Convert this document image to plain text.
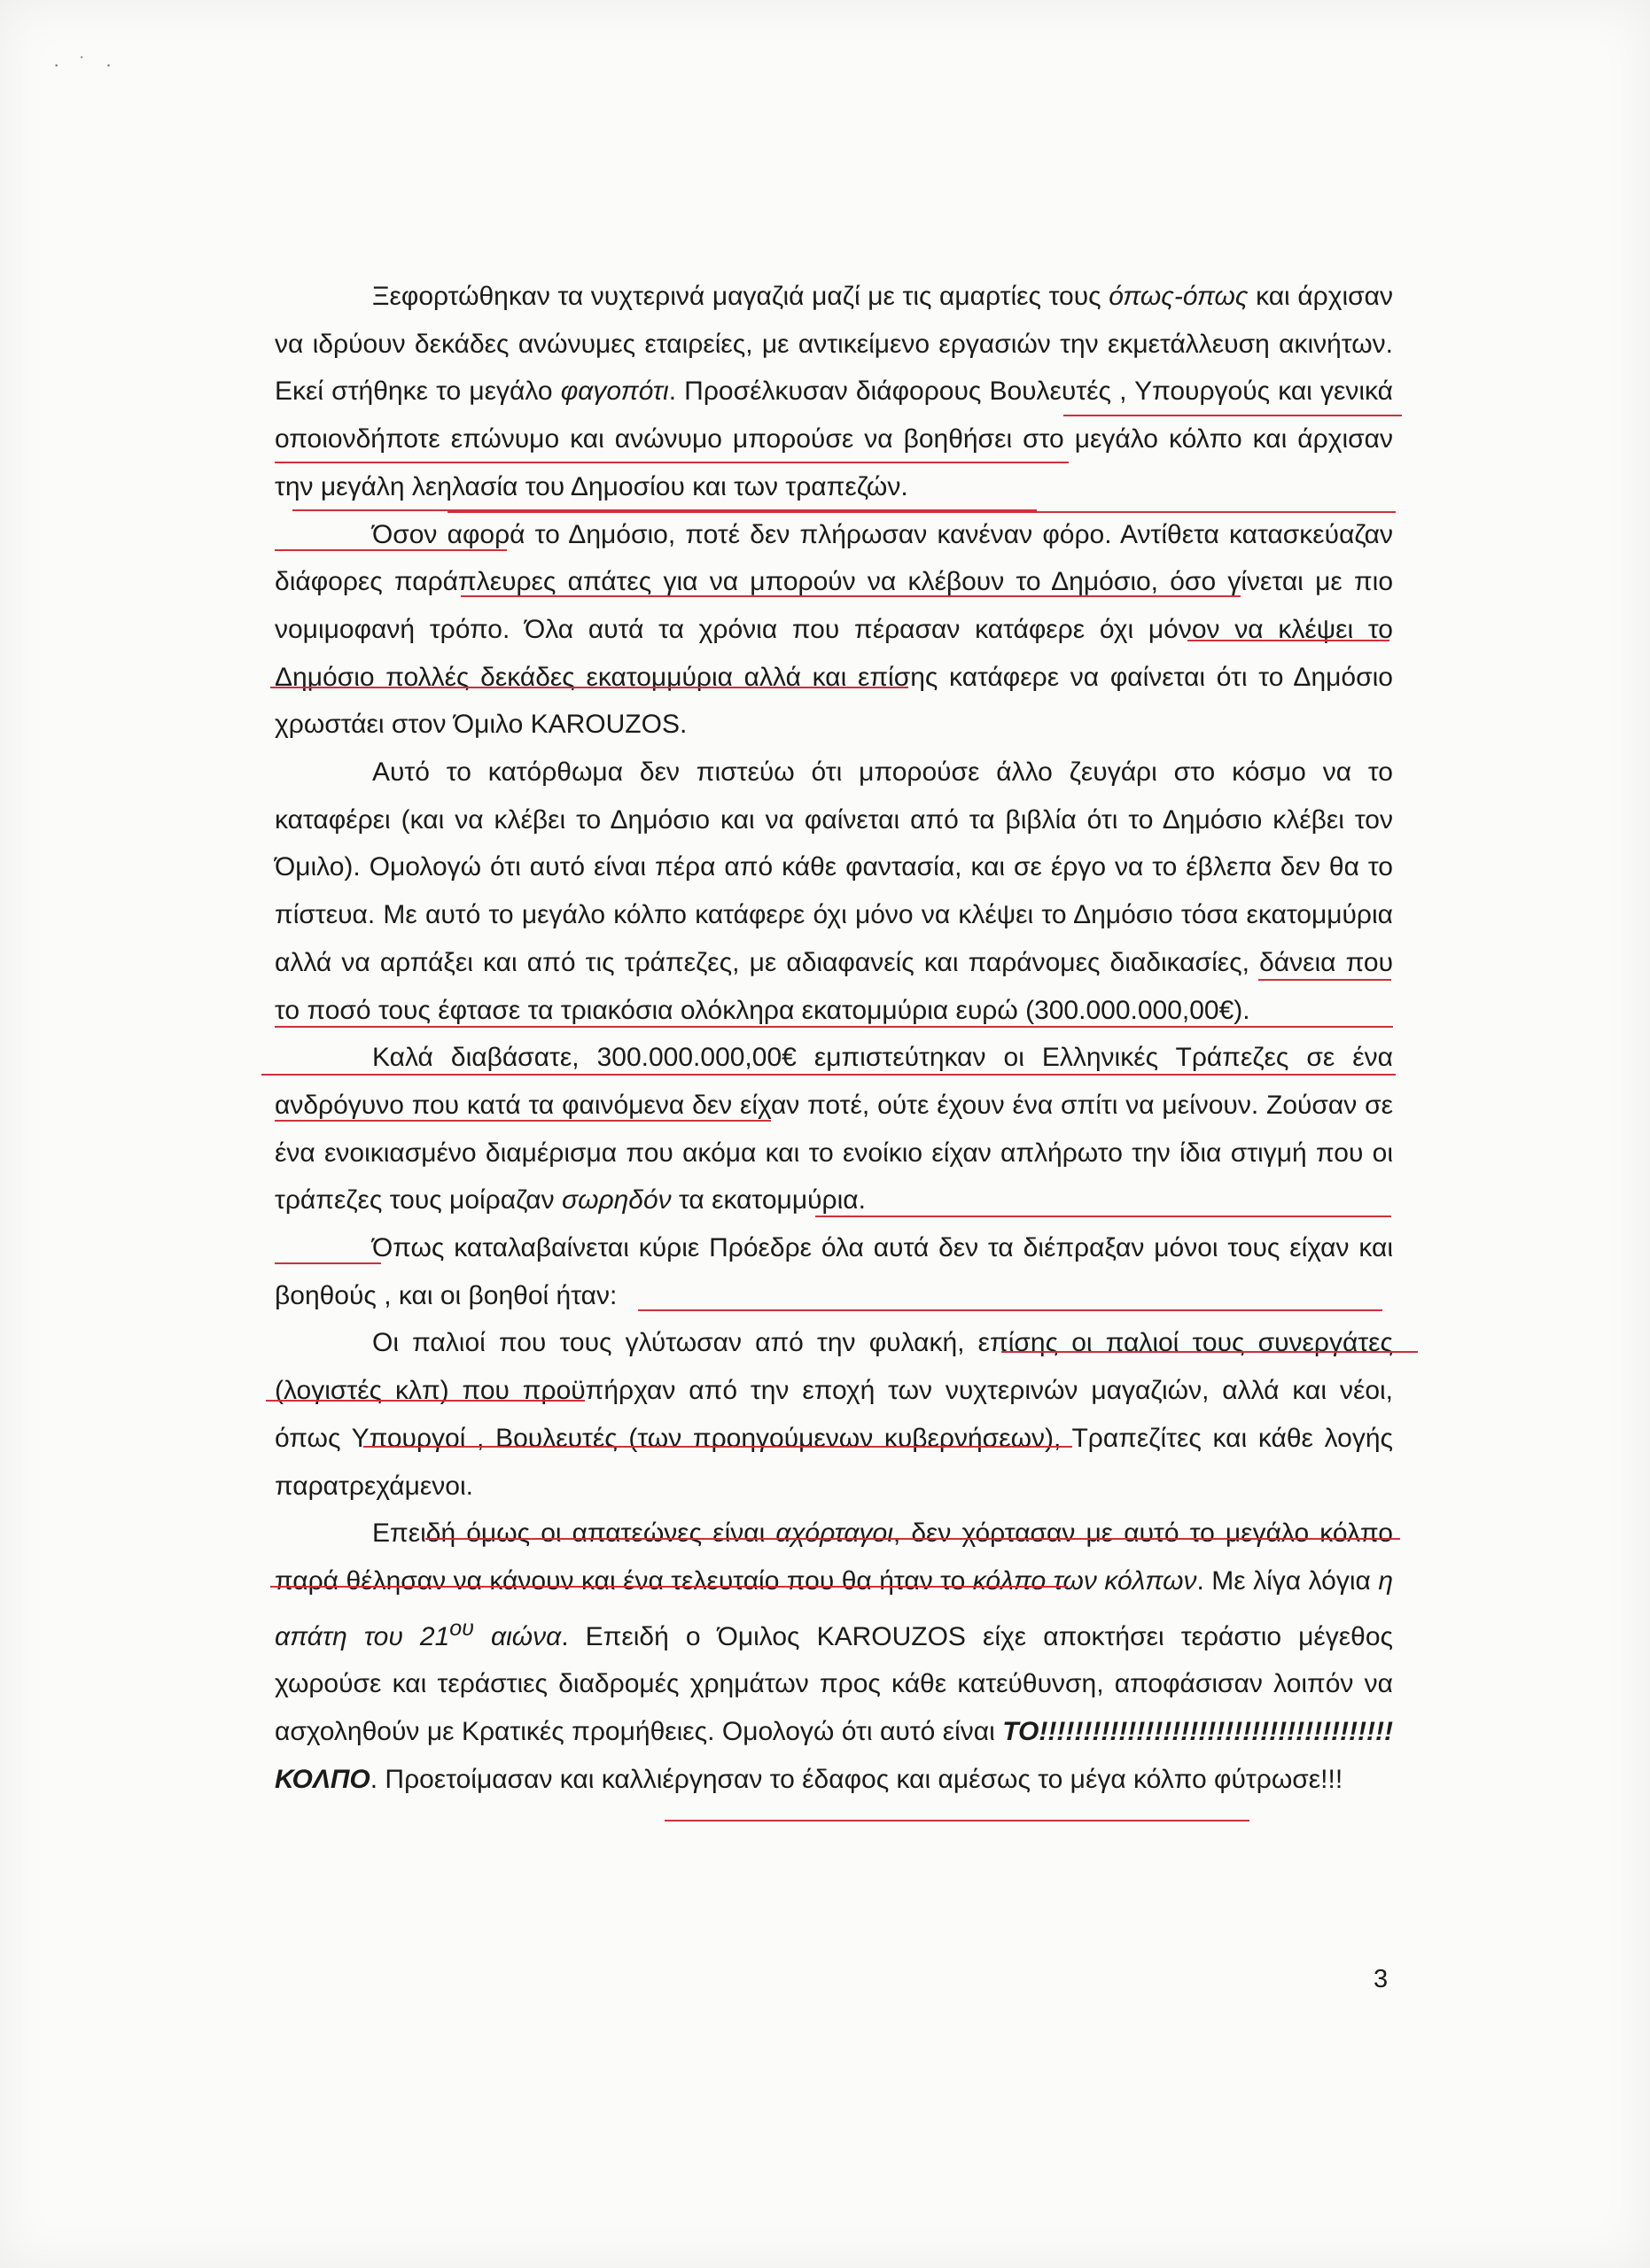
· ˙ ·

Ξεφορτώθηκαν τα νυχτερινά μαγαζιά μαζί με τις αμαρτίες τους όπως-όπως και άρχισαν να ιδρύουν δεκάδες ανώνυμες εταιρείες, με αντικείμενο εργασιών την εκμετάλλευση ακινήτων. Εκεί στήθηκε το μεγάλο φαγοπότι. Προσέλκυσαν διάφορους Βουλευτές , Υπουργούς και γενικά οποιονδήποτε επώνυμο και ανώνυμο μπορούσε να βοηθήσει στο μεγάλο κόλπο και άρχισαν την μεγάλη λεηλασία του Δημοσίου και των τραπεζών.

Όσον αφορά το Δημόσιο, ποτέ δεν πλήρωσαν κανέναν φόρο. Αντίθετα κατασκεύαζαν διάφορες παράπλευρες απάτες για να μπορούν να κλέβουν το Δημόσιο, όσο γίνεται με πιο νομιμοφανή τρόπο. Όλα αυτά τα χρόνια που πέρασαν κατάφερε όχι μόνον να κλέψει το Δημόσιο πολλές δεκάδες εκατομμύρια αλλά και επίσης κατάφερε να φαίνεται ότι το Δημόσιο χρωστάει στον Όμιλο KAROUZOS.

Αυτό το κατόρθωμα δεν πιστεύω ότι μπορούσε άλλο ζευγάρι στο κόσμο να το καταφέρει (και να κλέβει το Δημόσιο και να φαίνεται από τα βιβλία ότι το Δημόσιο κλέβει τον Όμιλο). Ομολογώ ότι αυτό είναι πέρα από κάθε φαντασία, και σε έργο να το έβλεπα δεν θα το πίστευα. Με αυτό το μεγάλο κόλπο κατάφερε όχι μόνο να κλέψει το Δημόσιο τόσα εκατομμύρια αλλά να αρπάξει και από τις τράπεζες, με αδιαφανείς και παράνομες διαδικασίες, δάνεια που το ποσό τους έφτασε τα τριακόσια ολόκληρα εκατομμύρια ευρώ (300.000.000,00€).

Καλά διαβάσατε, 300.000.000,00€ εμπιστεύτηκαν οι Ελληνικές Τράπεζες σε ένα ανδρόγυνο που κατά τα φαινόμενα δεν είχαν ποτέ, ούτε έχουν ένα σπίτι να μείνουν. Ζούσαν σε ένα ενοικιασμένο διαμέρισμα που ακόμα και το ενοίκιο είχαν απλήρωτο την ίδια στιγμή που οι τράπεζες τους μοίραζαν σωρηδόν τα εκατομμύρια.

Όπως καταλαβαίνεται κύριε Πρόεδρε όλα αυτά δεν τα διέπραξαν μόνοι τους είχαν και βοηθούς , και οι βοηθοί ήταν:

Οι παλιοί που τους γλύτωσαν από την φυλακή, επίσης οι παλιοί τους συνεργάτες (λογιστές κλπ) που προϋπήρχαν από την εποχή των νυχτερινών μαγαζιών, αλλά και νέοι, όπως Υπουργοί , Βουλευτές (των προηγούμενων κυβερνήσεων), Τραπεζίτες και κάθε λογής παρατρεχάμενοι.

Επειδή όμως οι απατεώνες είναι αχόρταγοι, δεν χόρτασαν με αυτό το μεγάλο κόλπο παρά θέλησαν να κάνουν και ένα τελευταίο που θα ήταν το κόλπο των κόλπων. Με λίγα λόγια η απάτη του $21^{o\upsilon}$ αιώνα. Επειδή ο Όμιλος KAROUZOS είχε αποκτήσει τεράστιο μέγεθος χωρούσε και τεράστιες διαδρομές χρημάτων προς κάθε κατεύθυνση, αποφάσισαν λοιπόν να ασχοληθούν με Κρατικές προμήθειες. Ομολογώ ότι αυτό είναι ΤΟ!!!!!!!!!!!!!!!!!!!!!!!!!!!!!!!!!!!!!!!! ΚΟΛΠΟ. Προετοίμασαν και καλλιέργησαν το έδαφος και αμέσως το μέγα κόλπο φύτρωσε!!!

3
